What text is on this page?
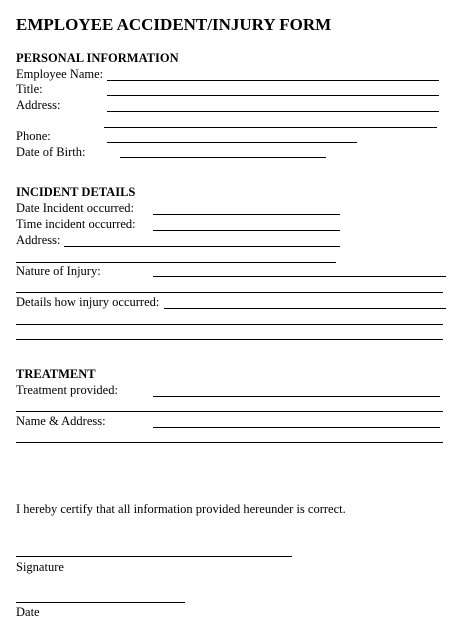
EMPLOYEE ACCIDENT/INJURY FORM
PERSONAL INFORMATION
Employee Name:
Title:
Address:
Phone:
Date of Birth:
INCIDENT DETAILS
Date Incident occurred:
Time incident occurred:
Address:
Nature of Injury:
Details how injury occurred:
TREATMENT
Treatment provided:
Name & Address:
I hereby certify that all information provided hereunder is correct.
Signature
Date
